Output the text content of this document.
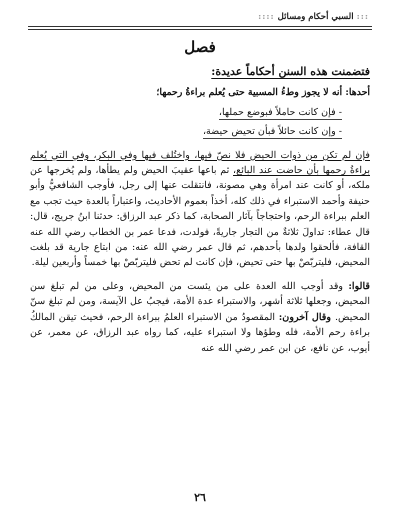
:::
السبي أحكام ومسائل
::::
فصل

فتضمنت هذه السنن أحكاماً عديدة:

أحدها: أنه لا يجوز وطءُ المسبية حتى يُعلم براءةُ رحمها؛

- فإن كانت حاملاً فبوضع حملها،

- وإن كانت حائلاً فبأن تحيض حيضة،

فإن لم تكن من ذوات الحيض فلا نصّ فيها، واختُلف فيها وفي البكر، وفي التي يُعلم براءةُ رحمها بأن حاضت عند البائع، ثم باعها عقيبَ الحيض ولم يطأها، ولم يُخرجها عن ملكه، أو كانت عند امرأة وهي مصونة، فانتقلت عنها إلى رجل، فأوجب الشافعيُّ وأبو حنيفة وأحمد الاستبراء في ذلك كله، أخذاً بعموم الأحاديث، واعتباراً بالعدة حيث تجب مع العلم ببراءة الرحم، واحتجاجاً بآثار الصحابة، كما ذكر عبد الرزاق: حدثنا ابنُ جريج، قال: قال عطاء: تداولَ ثلاثةٌ من التجار جاريةً، فولدت، فدعا عمر بن الخطاب رضي الله عنه القافة، فألحقوا ولدها بأحدهم، ثم قال عمر رضي الله عنه: من ابتاع جارية قد بلغت المحيض، فليتربّصْ بها حتى تحيض، فإن كانت لم تحض فليتربّصْ بها خمساً وأربعين ليلة.

قالوا: وقد أوجب الله العدة على من يئست من المحيض، وعلى من لم تبلغ سن المحيض، وجعلها ثلاثة أشهر، والاستبراء عدة الأمة، فيجبُ عل الآيسة، ومن لم تبلغ سنّ المحيض. وقال آخرون: المقصودُ من الاستبراء العلمُ ببراءة الرحم، فحيث تيقن المالكُ براءة رحم الأمة، فله وطؤها ولا استبراء عليه، كما رواه عبد الرزاق، عن معمر، عن أيوب، عن نافع، عن ابن عمر رضي الله عنه

٢٦
